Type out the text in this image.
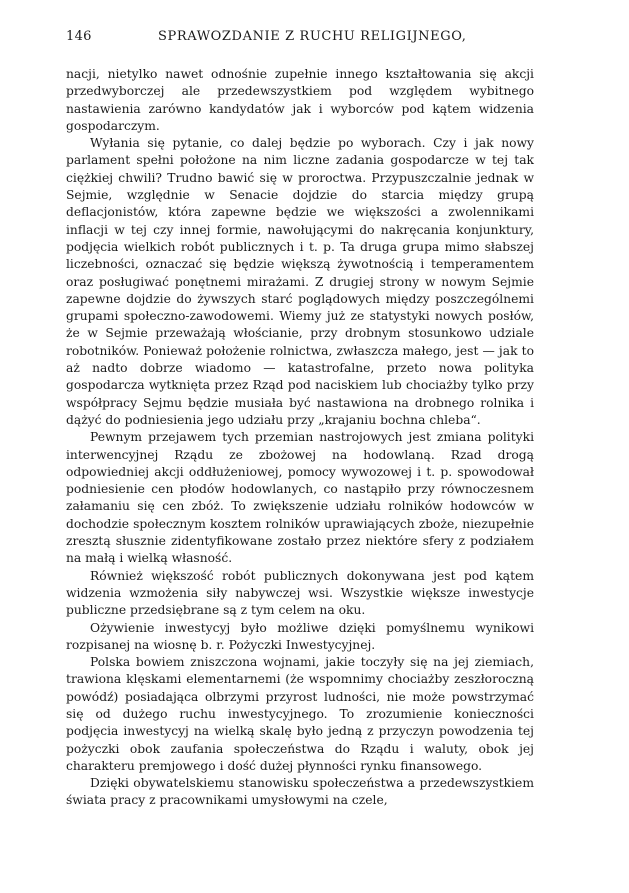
146	SPRAWOZDANIE Z RUCHU RELIGIJNEGO,

nacji, nietylko nawet odnośnie zupełnie innego kształtowania się akcji przedwyborczej ale przedewszystkiem pod względem wybitnego nastawienia zarówno kandydatów jak i wyborców pod kątem widzenia gospodarczym.

Wyłania się pytanie, co dalej będzie po wyborach. Czy i jak nowy parlament spełni położone na nim liczne zadania gospodarcze w tej tak ciężkiej chwili? Trudno bawić się w proroctwa. Przypuszczalnie jednak w Sejmie, względnie w Senacie dojdzie do starcia między grupą deflacjonistów, która zapewne będzie we większości a zwolennikami inflacji w tej czy innej formie, nawołującymi do nakręcania konjunktury, podjęcia wielkich robót publicznych i t. p. Ta druga grupa mimo słabszej liczebności, oznaczać się będzie większą żywotnością i temperamentem oraz posługiwać ponętnemi mirażami. Z drugiej strony w nowym Sejmie zapewne dojdzie do żywszych starć poglądowych między poszczególnemi grupami społeczno-zawodowemi. Wiemy już ze statystyki nowych posłów, że w Sejmie przeważają włościanie, przy drobnym stosunkowo udziale robotników. Ponieważ położenie rolnictwa, zwłaszcza małego, jest — jak to aż nadto dobrze wiadomo — katastrofalne, przeto nowa polityka gospodarcza wytknięta przez Rząd pod naciskiem lub chociażby tylko przy współpracy Sejmu będzie musiała być nastawiona na drobnego rolnika i dążyć do podniesienia jego udziału przy „krajaniu bochna chleba“.

Pewnym przejawem tych przemian nastrojowych jest zmiana polityki interwencyjnej Rządu ze zbożowej na hodowlaną. Rzad drogą odpowiedniej akcji oddłużeniowej, pomocy wywozowej i t. p. spowodował podniesienie cen płodów hodowlanych, co nastąpiło przy równoczesnem załamaniu się cen zbóż. To zwiększenie udziału rolników hodowców w dochodzie społecznym kosztem rolników uprawiających zboże, niezupełnie zresztą słusznie zidentyfikowane zostało przez niektóre sfery z podziałem na małą i wielką własność.

Również większość robót publicznych dokonywana jest pod kątem widzenia wzmożenia siły nabywczej wsi. Wszystkie większe inwestycje publiczne przedsiębrane są z tym celem na oku.

Ożywienie inwestycyj było możliwe dzięki pomyślnemu wynikowi rozpisanej na wiosnę b. r. Pożyczki Inwestycyjnej.

Polska bowiem zniszczona wojnami, jakie toczyły się na jej ziemiach, trawiona klęskami elementarnemi (że wspomnimy chociażby zeszłoroczną powódź) posiadająca olbrzymi przyrost ludności, nie może powstrzymać się od dużego ruchu inwestycyjnego. To zrozumienie konieczności podjęcia inwestycyj na wielką skalę było jedną z przyczyn powodzenia tej pożyczki obok zaufania społeczeństwa do Rządu i waluty, obok jej charakteru premjowego i dość dużej płynności rynku finansowego.

Dzięki obywatelskiemu stanowisku społeczeństwa a przedewszystkiem świata pracy z pracownikami umysłowymi na czele,
